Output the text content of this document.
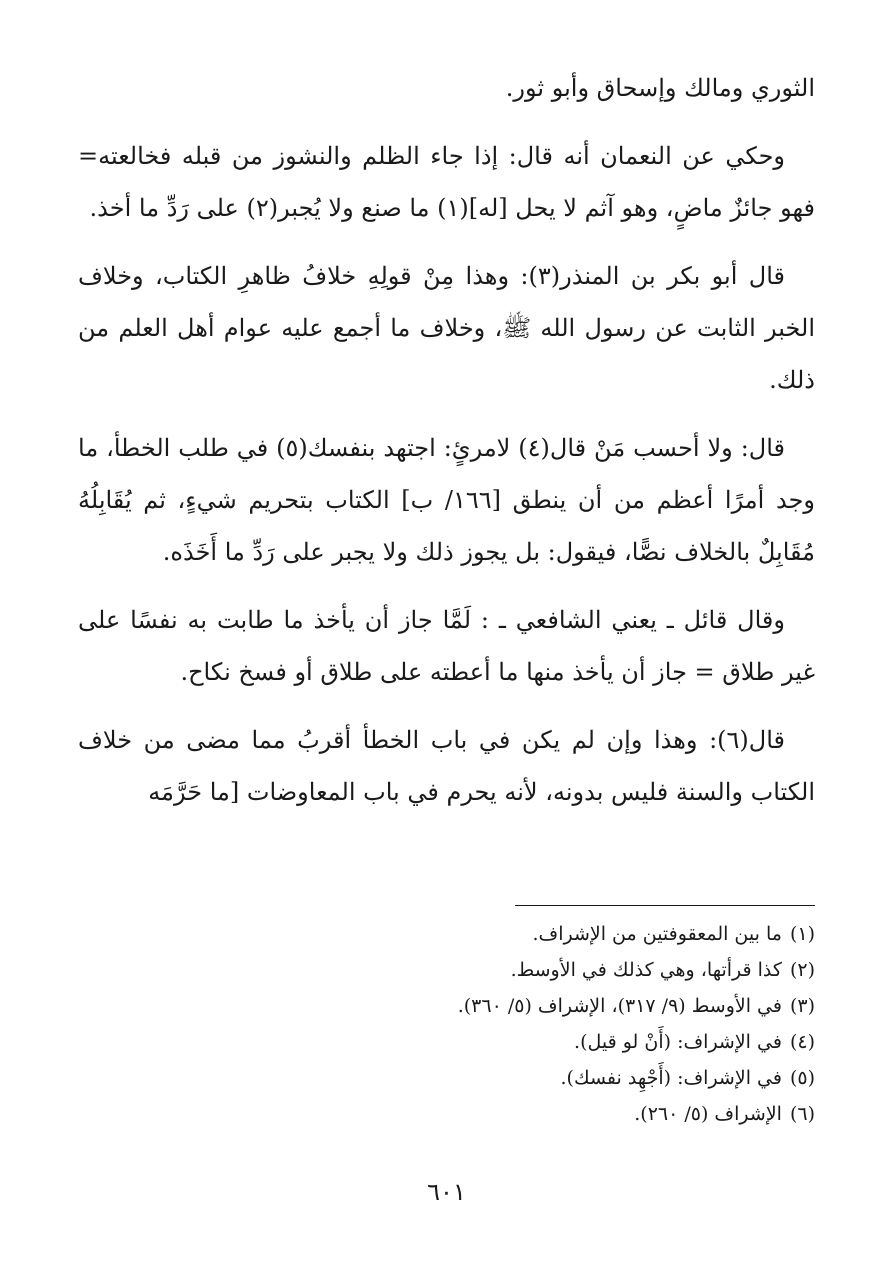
الثوري ومالك وإسحاق وأبو ثور.

وحكي عن النعمان أنه قال: إذا جاء الظلم والنشوز من قبله فخالعته= فهو جائزٌ ماضٍ، وهو آثم لا يحل [له](١) ما صنع ولا يُجبر(٢) على رَدِّ ما أخذ.

قال أبو بكر بن المنذر(٣): وهذا مِنْ قولِهِ خلافُ ظاهرِ الكتاب، وخلاف الخبر الثابت عن رسول الله ﷺ، وخلاف ما أجمع عليه عوام أهل العلم من ذلك.

قال: ولا أحسب مَنْ قال(٤) لامرئٍ: اجتهد بنفسك(٥) في طلب الخطأ، ما وجد أمرًا أعظم من أن ينطق [١٦٦/ ب] الكتاب بتحريم شيءٍ، ثم يُقَابِلُهُ مُقَابِلٌ بالخلاف نصًّا، فيقول: بل يجوز ذلك ولا يجبر على رَدِّ ما أَخَذَه.

وقال قائل ـ يعني الشافعي ـ : لَمَّا جاز أن يأخذ ما طابت به نفسًا على غير طلاق = جاز أن يأخذ منها ما أعطته على طلاق أو فسخ نكاح.

قال(٦): وهذا وإن لم يكن في باب الخطأ أقربُ مما مضى من خلاف الكتاب والسنة فليس بدونه، لأنه يحرم في باب المعاوضات [ما حَرَّمَه

(١)ما بين المعقوفتين من الإشراف.

(٢)كذا قرأتها، وهي كذلك في الأوسط.

(٣)في الأوسط (٩/ ٣١٧)، الإشراف (٥/ ٣٦٠).

(٤)في الإشراف: (أَنْ لو قيل).

(٥)في الإشراف: (أَجْهِد نفسك).

(٦)الإشراف (٥/ ٢٦٠).

٦٠١
